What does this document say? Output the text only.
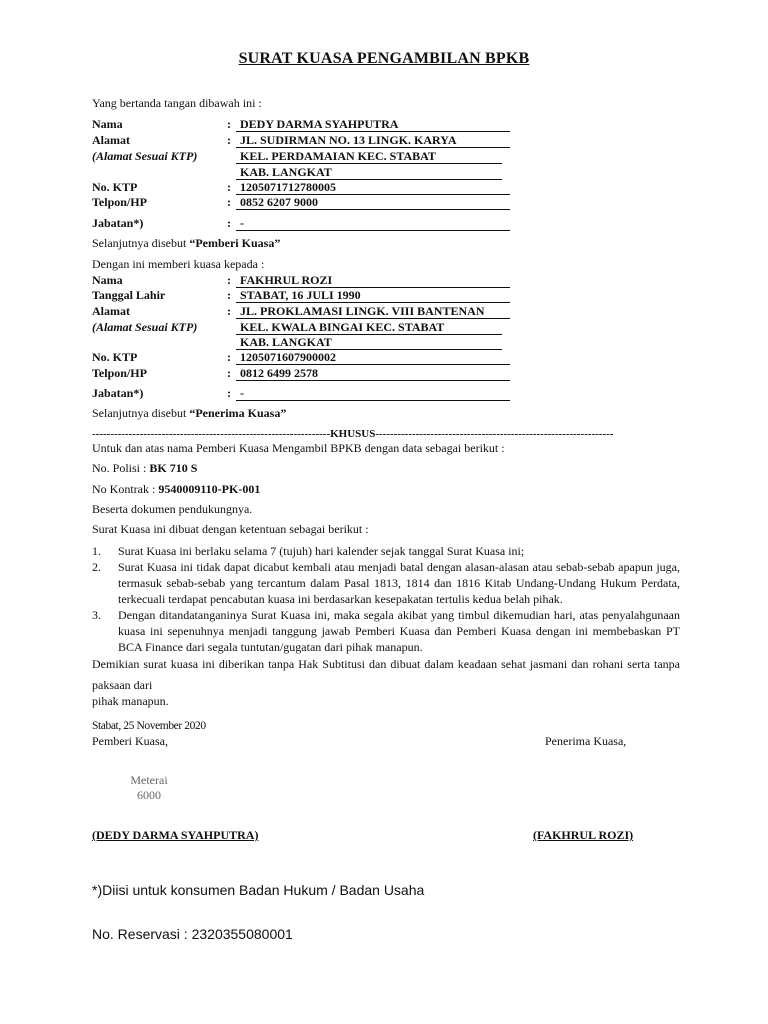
SURAT KUASA PENGAMBILAN BPKB
Yang bertanda tangan dibawah ini :
Nama	: DEDY DARMA SYAHPUTRA
Alamat	: JL. SUDIRMAN NO. 13 LINGK. KARYA
(Alamat Sesuai KTP)	KEL. PERDAMAIAN KEC. STABAT
KAB. LANGKAT
No. KTP	: 1205071712780005
Telpon/HP	: 0852 6207 9000
Jabatan*)	: -
Selanjutnya disebut “Pemberi Kuasa”
Dengan ini memberi kuasa kepada :
Nama	: FAKHRUL ROZI
Tanggal Lahir	: STABAT, 16 JULI 1990
Alamat	: JL. PROKLAMASI LINGK. VIII BANTENAN
(Alamat Sesuai KTP)	KEL. KWALA BINGAI KEC. STABAT
KAB. LANGKAT
No. KTP	: 1205071607900002
Telpon/HP	: 0812 6499 2578
Jabatan*)	: -
Selanjutnya disebut “Penerima Kuasa”
-----------------------------------------------------------------KHUSUS-----------------------------------------------------------------
Untuk dan atas nama Pemberi Kuasa Mengambil BPKB dengan data sebagai berikut :
No. Polisi : BK 710 S
No Kontrak : 9540009110-PK-001
Beserta dokumen pendukungnya.
Surat Kuasa ini dibuat dengan ketentuan sebagai berikut :
1. Surat Kuasa ini berlaku selama 7 (tujuh) hari kalender sejak tanggal Surat Kuasa ini;
2. Surat Kuasa ini tidak dapat dicabut kembali atau menjadi batal dengan alasan-alasan atau sebab-sebab apapun juga, termasuk sebab-sebab yang tercantum dalam Pasal 1813, 1814 dan 1816 Kitab Undang-Undang Hukum Perdata, terkecuali terdapat pencabutan kuasa ini berdasarkan kesepakatan tertulis kedua belah pihak.
3. Dengan ditandatanganinya Surat Kuasa ini, maka segala akibat yang timbul dikemudian hari, atas penyalahgunaan kuasa ini sepenuhnya menjadi tanggung jawab Pemberi Kuasa dan Pemberi Kuasa dengan ini membebaskan PT BCA Finance dari segala tuntutan/gugatan dari pihak manapun.
Demikian surat kuasa ini diberikan tanpa Hak Subtitusi dan dibuat dalam keadaan sehat jasmani dan rohani serta tanpa paksaan dari
pihak manapun.
Stabat, 25 November 2020
Pemberi Kuasa,	Penerima Kuasa,
Meterai
6000
(DEDY DARMA SYAHPUTRA)	(FAKHRUL ROZI)
*)Diisi untuk konsumen Badan Hukum / Badan Usaha
No. Reservasi : 2320355080001
